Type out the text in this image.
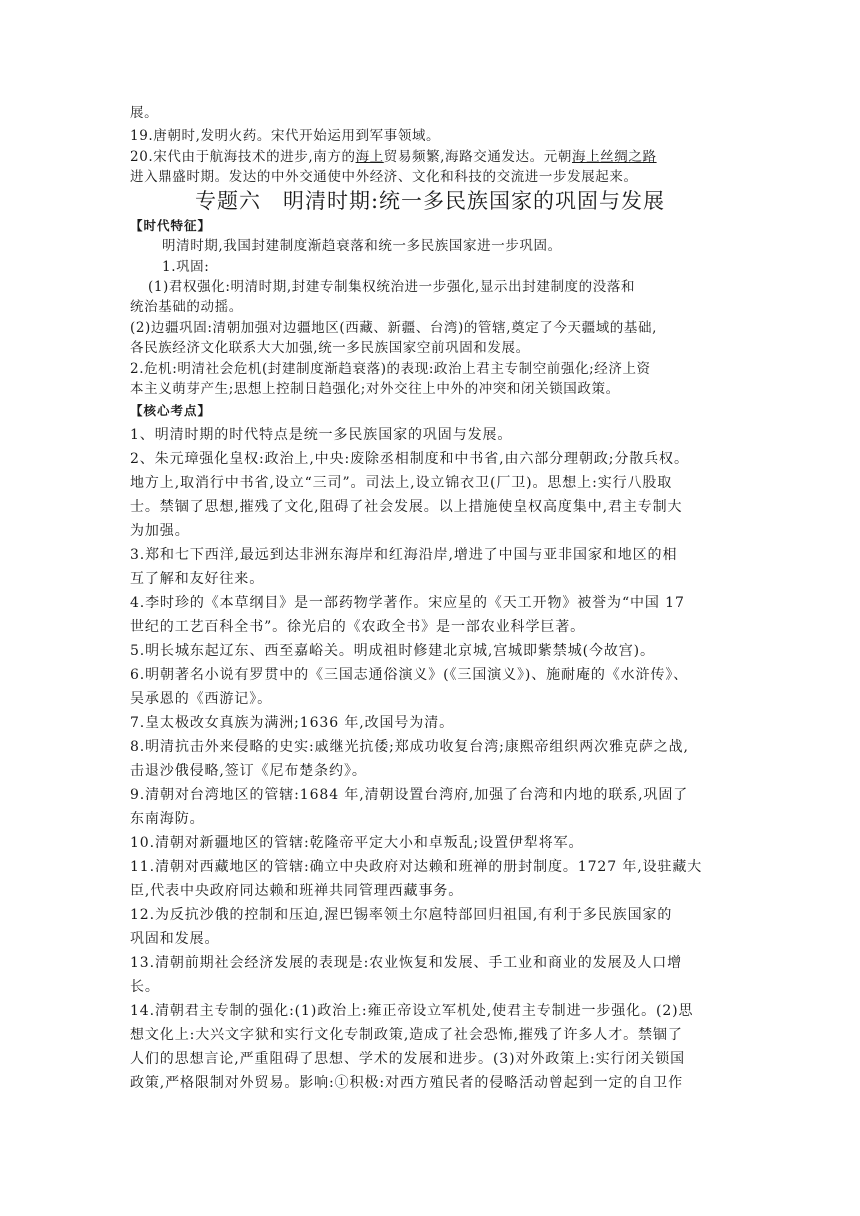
展。
19.唐朝时,发明火药。宋代开始运用到军事领域。
20.宋代由于航海技术的进步,南方的海上贸易频繁,海路交通发达。元朝海上丝绸之路
进入鼎盛时期。发达的中外交通使中外经济、文化和科技的交流进一步发展起来。
专题六　明清时期:统一多民族国家的巩固与发展
【时代特征】
明清时期,我国封建制度渐趋衰落和统一多民族国家进一步巩固。
1.巩固:
(1)君权强化:明清时期,封建专制集权统治进一步强化,显示出封建制度的没落和
统治基础的动摇。
(2)边疆巩固:清朝加强对边疆地区(西藏、新疆、台湾)的管辖,奠定了今天疆域的基础,
各民族经济文化联系大大加强,统一多民族国家空前巩固和发展。
2.危机:明清社会危机(封建制度渐趋衰落)的表现:政治上君主专制空前强化;经济上资
本主义萌芽产生;思想上控制日趋强化;对外交往上中外的冲突和闭关锁国政策。
【核心考点】
1、明清时期的时代特点是统一多民族国家的巩固与发展。
2、朱元璋强化皇权:政治上,中央:废除丞相制度和中书省,由六部分理朝政;分散兵权。
地方上,取消行中书省,设立“三司”。司法上,设立锦衣卫(厂卫)。思想上:实行八股取
士。禁锢了思想,摧残了文化,阻碍了社会发展。以上措施使皇权高度集中,君主专制大
为加强。
3.郑和七下西洋,最远到达非洲东海岸和红海沿岸,增进了中国与亚非国家和地区的相
互了解和友好往来。
4.李时珍的《本草纲目》是一部药物学著作。宋应星的《天工开物》被誉为“中国 17
世纪的工艺百科全书”。徐光启的《农政全书》是一部农业科学巨著。
5.明长城东起辽东、西至嘉峪关。明成祖时修建北京城,宫城即紫禁城(今故宫)。
6.明朝著名小说有罗贯中的《三国志通俗演义》(《三国演义》)、施耐庵的《水浒传》、
吴承恩的《西游记》。
7.皇太极改女真族为满洲;1636 年,改国号为清。
8.明清抗击外来侵略的史实:戚继光抗倭;郑成功收复台湾;康熙帝组织两次雅克萨之战,
击退沙俄侵略,签订《尼布楚条约》。
9.清朝对台湾地区的管辖:1684 年,清朝设置台湾府,加强了台湾和内地的联系,巩固了
东南海防。
10.清朝对新疆地区的管辖:乾隆帝平定大小和卓叛乱;设置伊犁将军。
11.清朝对西藏地区的管辖:确立中央政府对达赖和班禅的册封制度。1727 年,设驻藏大
臣,代表中央政府同达赖和班禅共同管理西藏事务。
12.为反抗沙俄的控制和压迫,渥巴锡率领土尔扈特部回归祖国,有利于多民族国家的
巩固和发展。
13.清朝前期社会经济发展的表现是:农业恢复和发展、手工业和商业的发展及人口增
长。
14.清朝君主专制的强化:(1)政治上:雍正帝设立军机处,使君主专制进一步强化。(2)思
想文化上:大兴文字狱和实行文化专制政策,造成了社会恐怖,摧残了许多人才。禁锢了
人们的思想言论,严重阻碍了思想、学术的发展和进步。(3)对外政策上:实行闭关锁国
政策,严格限制对外贸易。影响:①积极:对西方殖民者的侵略活动曾起到一定的自卫作
